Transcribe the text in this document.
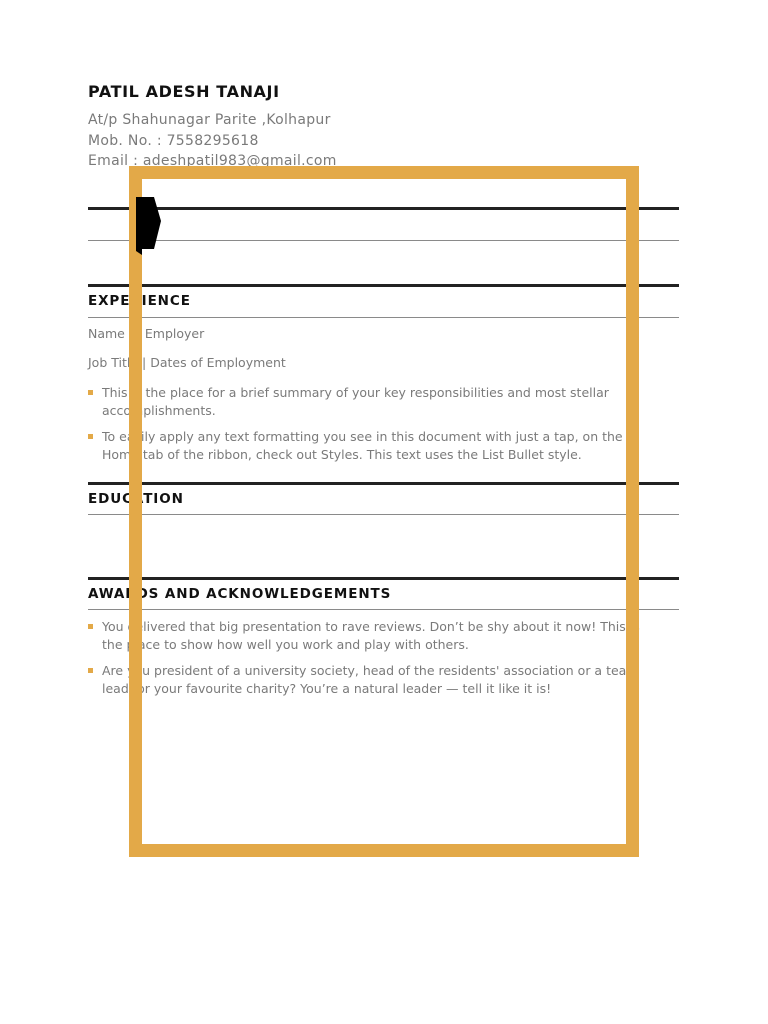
PATIL ADESH TANAJI
At/p Shahunagar Parite ,Kolhapur
Mob. No. : 7558295618
Email : adeshpatil983@gmail.com
EXPERIENCE
Name of Employer
Job Title | Dates of Employment
This is the place for a brief summary of your key responsibilities and most stellar accomplishments.
To easily apply any text formatting you see in this document with just a tap, on the Home tab of the ribbon, check out Styles. This text uses the List Bullet style.
EDUCATION
AWARDS AND ACKNOWLEDGEMENTS
You delivered that big presentation to rave reviews. Don’t be shy about it now! This is the place to show how well you work and play with others.
Are you president of a university society, head of the residents' association or a team lead for your favourite charity? You’re a natural leader — tell it like it is!
